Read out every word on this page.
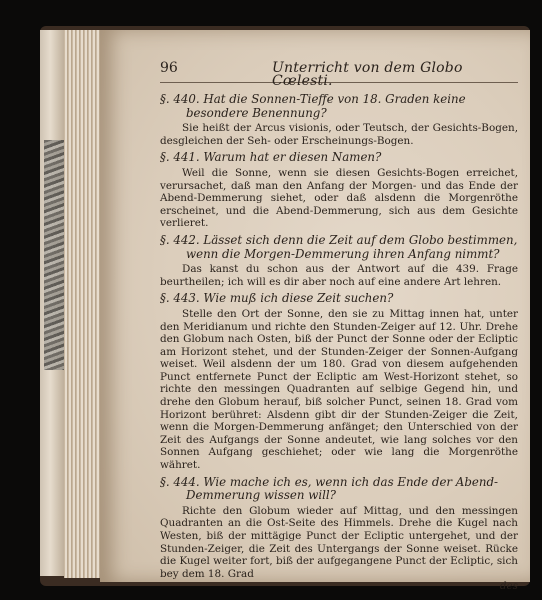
96	Unterricht von dem Globo Cœlesti.
§. 440. Hat die Sonnen-Tieffe von 18. Graden keine besondere Benennung?
Sie heißt der Arcus visionis, oder Teutsch, der Gesichts-Bogen, desgleichen der Seh- oder Erscheinungs-Bogen.
§. 441. Warum hat er diesen Namen?
Weil die Sonne, wenn sie diesen Gesichts-Bogen erreichet, verursachet, daß man den Anfang der Morgen- und das Ende der Abend-Demmerung siehet, oder daß alsdenn die Morgenröthe erscheinet, und die Abend-Demmerung, sich aus dem Gesichte verlieret.
§. 442. Lässet sich denn die Zeit auf dem Globo bestimmen, wenn die Morgen-Demmerung ihren Anfang nimmt?
Das kanst du schon aus der Antwort auf die 439. Frage beurtheilen; ich will es dir aber noch auf eine andere Art lehren.
§. 443. Wie muß ich diese Zeit suchen?
Stelle den Ort der Sonne, den sie zu Mittag innen hat, unter den Meridianum und richte den Stunden-Zeiger auf 12. Uhr. Drehe den Globum nach Osten, biß der Punct der Sonne oder der Ecliptic am Horizont stehet, und der Stunden-Zeiger der Sonnen-Aufgang weiset. Weil alsdenn der um 180. Grad von diesem aufgehenden Punct entfernete Punct der Ecliptic am West-Horizont stehet, so richte den messingen Quadranten auf selbige Gegend hin, und drehe den Globum herauf, biß solcher Punct, seinen 18. Grad vom Horizont berühret: Alsdenn gibt dir der Stunden-Zeiger die Zeit, wenn die Morgen-Demmerung anfänget; den Unterschied von der Zeit des Aufgangs der Sonne andeutet, wie lang solches vor den Sonnen Aufgang geschiehet; oder wie lang die Morgenröthe währet.
§. 444. Wie mache ich es, wenn ich das Ende der Abend-Demmerung wissen will?
Richte den Globum wieder auf Mittag, und den messingen Quadranten an die Ost-Seite des Himmels. Drehe die Kugel nach Westen, biß der mittägige Punct der Ecliptic untergehet, und der Stunden-Zeiger, die Zeit des Untergangs der Sonne weiset. Rücke die Kugel weiter fort, biß der aufgegangene Punct der Ecliptic, sich bey dem 18. Grad
des
